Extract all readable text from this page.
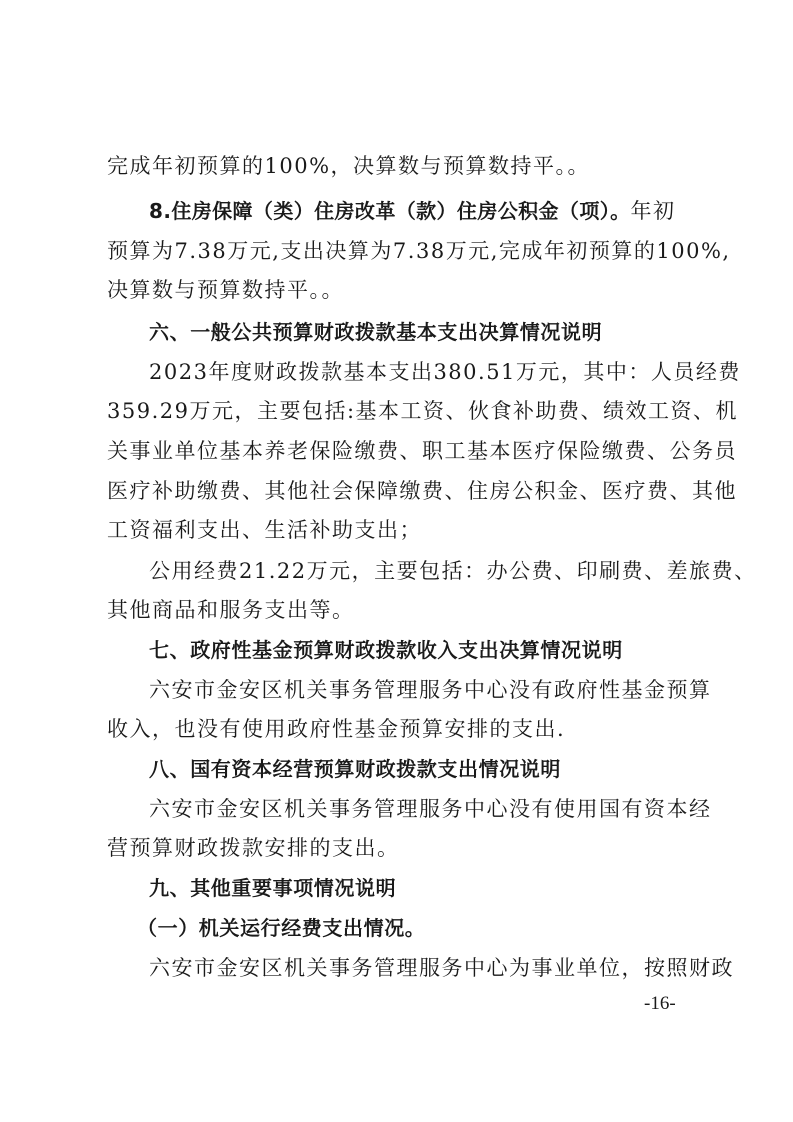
完成年初预算的100%，决算数与预算数持平。。
8.住房保障（类）住房改革（款）住房公积金（项）。年初
预算为7.38万元,支出决算为7.38万元,完成年初预算的100%,
决算数与预算数持平。。
六、一般公共预算财政拨款基本支出决算情况说明
2023年度财政拨款基本支出380.51万元，其中：人员经费
359.29万元，主要包括:基本工资、伙食补助费、绩效工资、机
关事业单位基本养老保险缴费、职工基本医疗保险缴费、公务员
医疗补助缴费、其他社会保障缴费、住房公积金、医疗费、其他
工资福利支出、生活补助支出；
公用经费21.22万元，主要包括：办公费、印刷费、差旅费、
其他商品和服务支出等。
七、政府性基金预算财政拨款收入支出决算情况说明
六安市金安区机关事务管理服务中心没有政府性基金预算
收入，也没有使用政府性基金预算安排的支出.
八、国有资本经营预算财政拨款支出情况说明
六安市金安区机关事务管理服务中心没有使用国有资本经
营预算财政拨款安排的支出。
九、其他重要事项情况说明
（一）机关运行经费支出情况。
六安市金安区机关事务管理服务中心为事业单位，按照财政
-16-
